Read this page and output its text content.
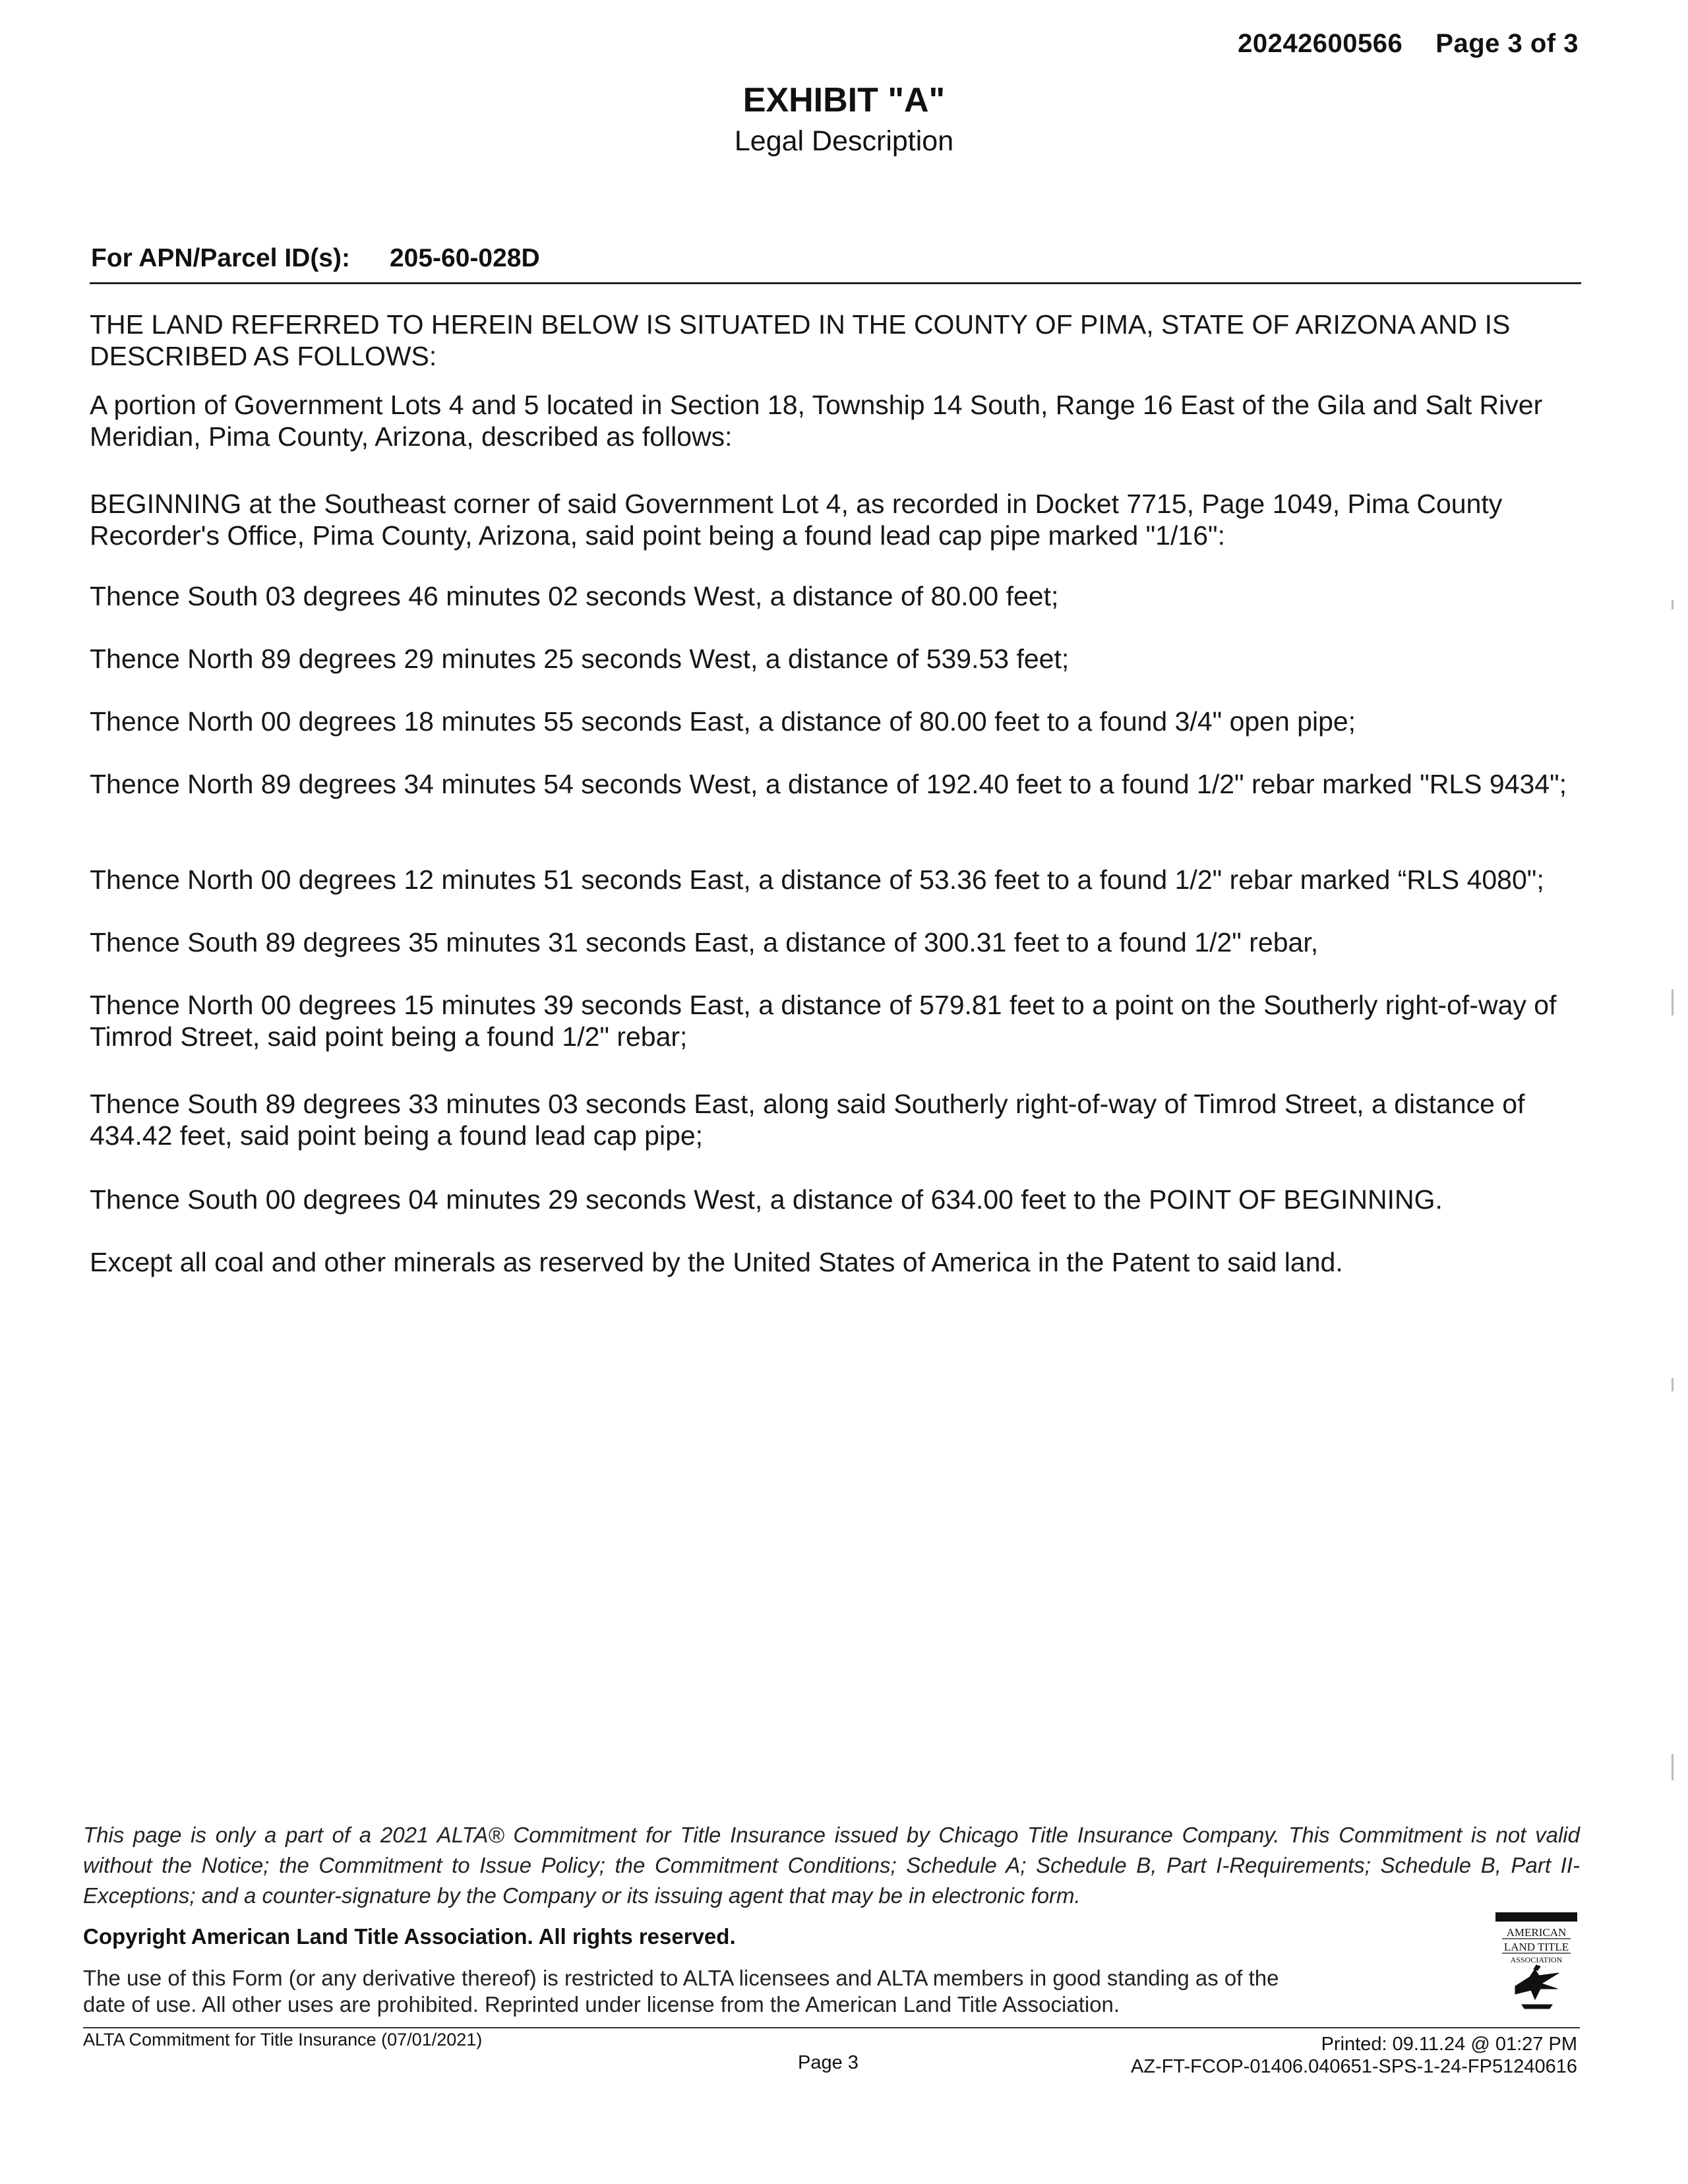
20242600566 Page 3 of 3
EXHIBIT "A"
Legal Description
For APN/Parcel ID(s): 205-60-028D
THE LAND REFERRED TO HEREIN BELOW IS SITUATED IN THE COUNTY OF PIMA, STATE OF ARIZONA AND IS DESCRIBED AS FOLLOWS:
A portion of Government Lots 4 and 5 located in Section 18, Township 14 South, Range 16 East of the Gila and Salt River Meridian, Pima County, Arizona, described as follows:
BEGINNING at the Southeast corner of said Government Lot 4, as recorded in Docket 7715, Page 1049, Pima County Recorder's Office, Pima County, Arizona, said point being a found lead cap pipe marked "1/16":
Thence South 03 degrees 46 minutes 02 seconds West, a distance of 80.00 feet;
Thence North 89 degrees 29 minutes 25 seconds West, a distance of 539.53 feet;
Thence North 00 degrees 18 minutes 55 seconds East, a distance of 80.00 feet to a found 3/4" open pipe;
Thence North 89 degrees 34 minutes 54 seconds West, a distance of 192.40 feet to a found 1/2" rebar marked "RLS 9434";
Thence North 00 degrees 12 minutes 51 seconds East, a distance of 53.36 feet to a found 1/2" rebar marked “RLS 4080";
Thence South 89 degrees 35 minutes 31 seconds East, a distance of 300.31 feet to a found 1/2" rebar,
Thence North 00 degrees 15 minutes 39 seconds East, a distance of 579.81 feet to a point on the Southerly right-of-way of Timrod Street, said point being a found 1/2" rebar;
Thence South 89 degrees 33 minutes 03 seconds East, along said Southerly right-of-way of Timrod Street, a distance of 434.42 feet, said point being a found lead cap pipe;
Thence South 00 degrees 04 minutes 29 seconds West, a distance of 634.00 feet to the POINT OF BEGINNING.
Except all coal and other minerals as reserved by the United States of America in the Patent to said land.
This page is only a part of a 2021 ALTA® Commitment for Title Insurance issued by Chicago Title Insurance Company. This Commitment is not valid without the Notice; the Commitment to Issue Policy; the Commitment Conditions; Schedule A; Schedule B, Part I-Requirements; Schedule B, Part II-Exceptions; and a counter-signature by the Company or its issuing agent that may be in electronic form.
Copyright American Land Title Association. All rights reserved.
The use of this Form (or any derivative thereof) is restricted to ALTA licensees and ALTA members in good standing as of the date of use. All other uses are prohibited. Reprinted under license from the American Land Title Association.
AMERICAN
LAND TITLE
ASSOCIATION
ALTA Commitment for Title Insurance (07/01/2021)
Page 3
Printed: 09.11.24 @ 01:27 PM
AZ-FT-FCOP-01406.040651-SPS-1-24-FP51240616
